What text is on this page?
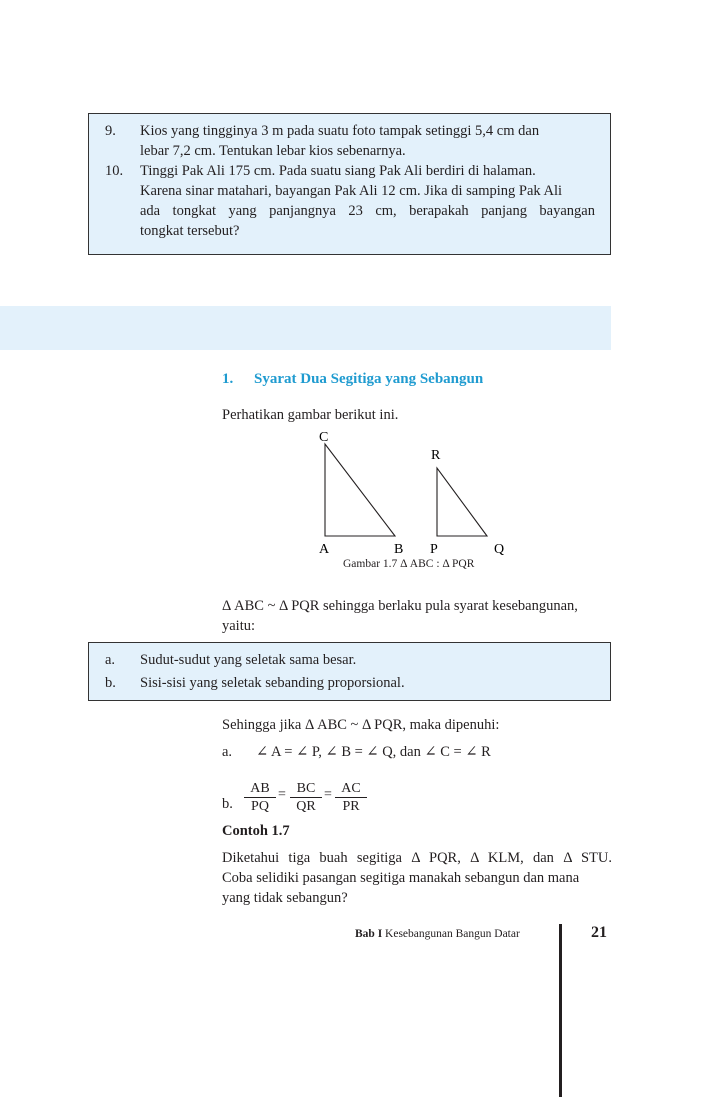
9. Kios yang tingginya 3 m pada suatu foto tampak setinggi 5,4 cm dan
lebar 7,2 cm. Tentukan lebar kios sebenarnya.
10. Tinggi Pak Ali 175 cm. Pada suatu siang Pak Ali berdiri di halaman.
Karena sinar matahari, bayangan Pak Ali 12 cm. Jika di samping Pak Ali
ada tongkat yang panjangnya 23 cm, berapakah panjang bayangan
tongkat tersebut?
1. Syarat Dua Segitiga yang Sebangun
Perhatikan gambar berikut ini.
C
A	B
R
P	Q
Gambar 1.7 Δ ABC : Δ PQR
Δ ABC ~ Δ PQR sehingga berlaku pula syarat kesebangunan,
yaitu:
a. Sudut-sudut yang seletak sama besar.
b. Sisi-sisi yang seletak sebanding proporsional.
Sehingga jika Δ ABC ~ Δ PQR, maka dipenuhi:
a. ∠ A = ∠ P, ∠ B = ∠ Q, dan ∠ C = ∠ R
b. $\frac{AB}{PQ} = \frac{BC}{QR} = \frac{AC}{PR}$
Contoh 1.7
Diketahui tiga buah segitiga Δ PQR, Δ KLM, dan Δ STU.
Coba selidiki pasangan segitiga manakah sebangun dan mana
yang tidak sebangun?
Bab I Kesebangunan Bangun Datar	21
